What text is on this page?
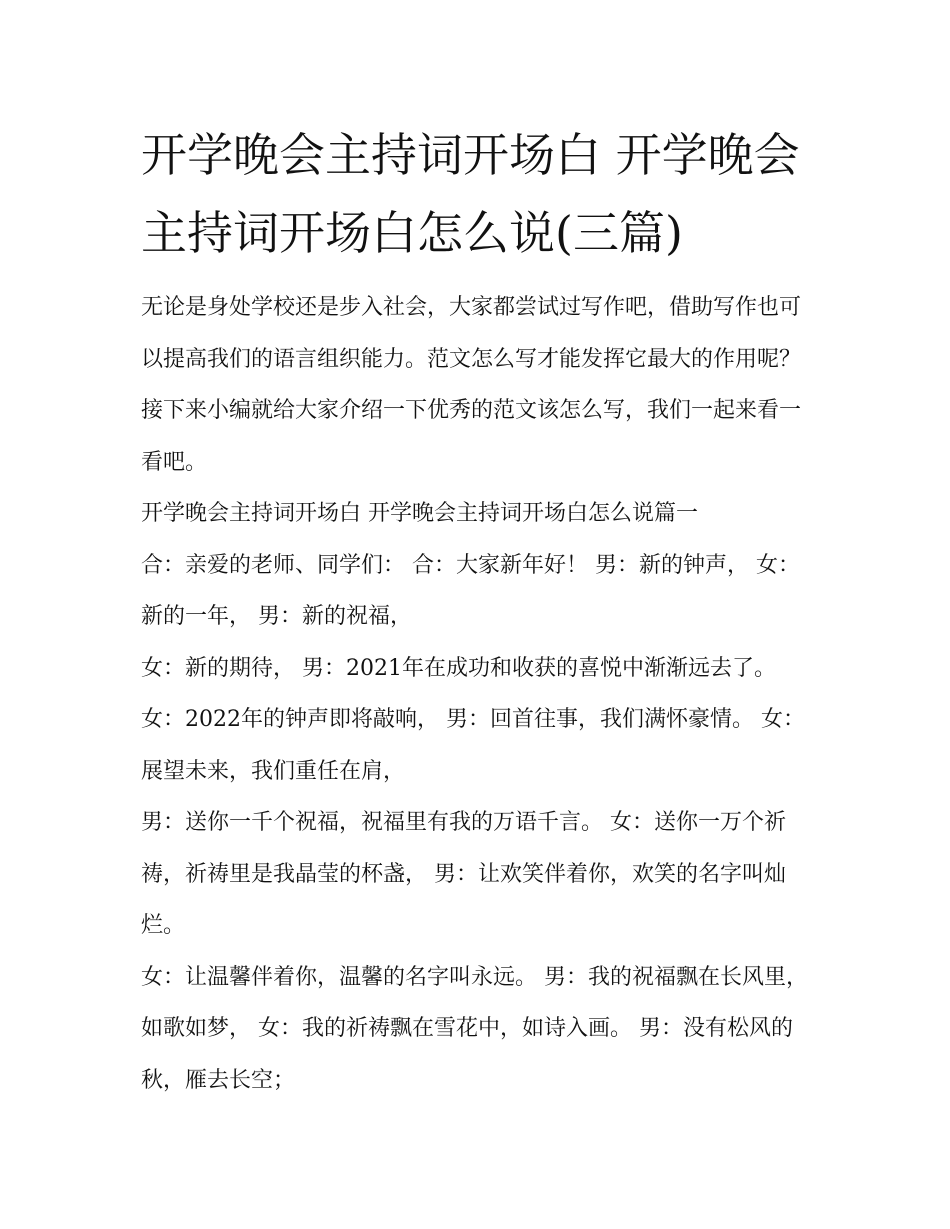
开学晚会主持词开场白 开学晚会主持词开场白怎么说(三篇)

无论是身处学校还是步入社会，大家都尝试过写作吧，借助写作也可以提高我们的语言组织能力。范文怎么写才能发挥它最大的作用呢？接下来小编就给大家介绍一下优秀的范文该怎么写，我们一起来看一看吧。

开学晚会主持词开场白 开学晚会主持词开场白怎么说篇一

合：亲爱的老师、同学们： 合：大家新年好！ 男：新的钟声， 女：新的一年， 男：新的祝福，

女：新的期待， 男：2021年在成功和收获的喜悦中渐渐远去了。 女：2022年的钟声即将敲响， 男：回首往事，我们满怀豪情。 女：展望未来，我们重任在肩，

男：送你一千个祝福，祝福里有我的万语千言。 女：送你一万个祈祷，祈祷里是我晶莹的杯盏， 男：让欢笑伴着你，欢笑的名字叫灿烂。

女：让温馨伴着你，温馨的名字叫永远。 男：我的祝福飘在长风里，如歌如梦， 女：我的祈祷飘在雪花中，如诗入画。 男：没有松风的秋，雁去长空；
